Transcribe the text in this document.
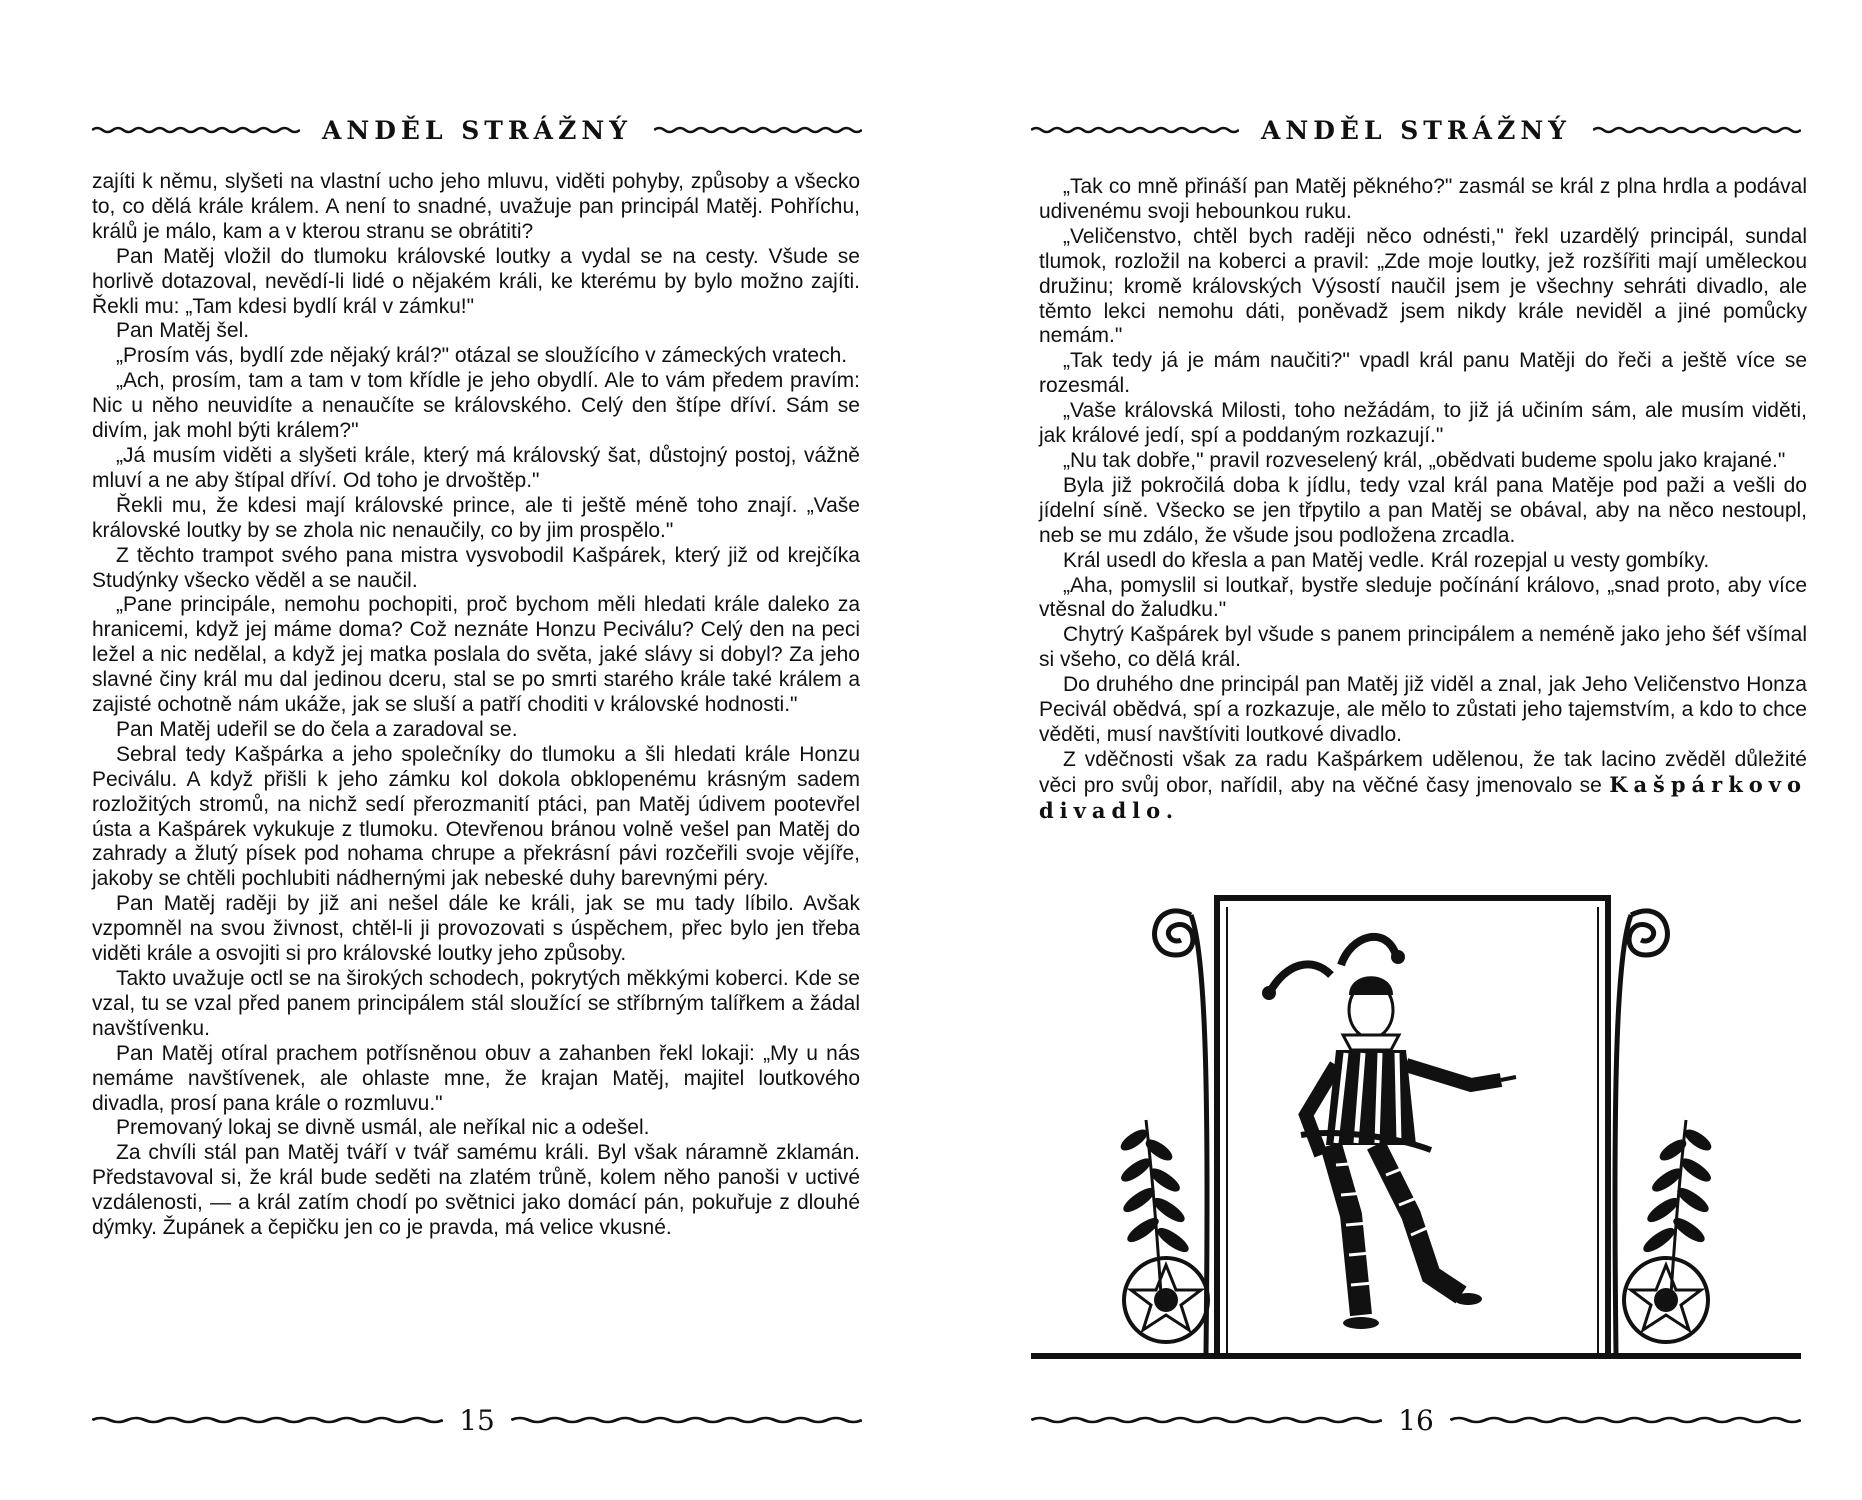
ANDĚL STRÁŽNÝ

zajíti k němu, slyšeti na vlastní ucho jeho mluvu, viděti pohyby, způsoby a všecko to, co dělá krále králem. A není to snadné, uvažuje pan principál Matěj. Pohříchu, králů je málo, kam a v kterou stranu se obrátiti?

Pan Matěj vložil do tlumoku královské loutky a vydal se na cesty. Všude se horlivě dotazoval, nevědí-li lidé o nějakém králi, ke kterému by bylo možno zajíti. Řekli mu: „Tam kdesi bydlí král v zámku!"

Pan Matěj šel.

„Prosím vás, bydlí zde nějaký král?" otázal se sloužícího v zámeckých vratech.

„Ach, prosím, tam a tam v tom křídle je jeho obydlí. Ale to vám předem pravím: Nic u něho neuvidíte a nenaučíte se královského. Celý den štípe dříví. Sám se divím, jak mohl býti králem?"

„Já musím viděti a slyšeti krále, který má královský šat, důstojný postoj, vážně mluví a ne aby štípal dříví. Od toho je drvoštěp."

Řekli mu, že kdesi mají královské prince, ale ti ještě méně toho znají. „Vaše královské loutky by se zhola nic nenaučily, co by jim prospělo."

Z těchto trampot svého pana mistra vysvobodil Kašpárek, který již od krejčíka Studýnky všecko věděl a se naučil.

„Pane principále, nemohu pochopiti, proč bychom měli hledati krále daleko za hranicemi, když jej máme doma? Což neznáte Honzu Peciválu? Celý den na peci ležel a nic nedělal, a když jej matka poslala do světa, jaké slávy si dobyl? Za jeho slavné činy král mu dal jedinou dceru, stal se po smrti starého krále také králem a zajisté ochotně nám ukáže, jak se sluší a patří choditi v královské hodnosti."

Pan Matěj udeřil se do čela a zaradoval se.

Sebral tedy Kašpárka a jeho společníky do tlumoku a šli hledati krále Honzu Peciválu. A když přišli k jeho zámku kol dokola obklopenému krásným sadem rozložitých stromů, na nichž sedí přerozmanití ptáci, pan Matěj údivem pootevřel ústa a Kašpárek vykukuje z tlumoku. Otevřenou bránou volně vešel pan Matěj do zahrady a žlutý písek pod nohama chrupe a překrásní pávi rozčeřili svoje vějíře, jakoby se chtěli pochlubiti nádhernými jak nebeské duhy barevnými péry.

Pan Matěj raději by již ani nešel dále ke králi, jak se mu tady líbilo. Avšak vzpomněl na svou živnost, chtěl-li ji provozovati s úspěchem, přec bylo jen třeba viděti krále a osvojiti si pro královské loutky jeho způsoby.

Takto uvažuje octl se na širokých schodech, pokrytých měkkými koberci. Kde se vzal, tu se vzal před panem principálem stál sloužící se stříbrným talířkem a žádal navštívenku.

Pan Matěj otíral prachem potřísněnou obuv a zahanben řekl lokaji: „My u nás nemáme navštívenek, ale ohlaste mne, že krajan Matěj, majitel loutkového divadla, prosí pana krále o rozmluvu."

Premovaný lokaj se divně usmál, ale neříkal nic a odešel.

Za chvíli stál pan Matěj tváří v tvář samému králi. Byl však náramně zklamán. Představoval si, že král bude seděti na zlatém trůně, kolem něho panoši v uctivé vzdálenosti, — a král zatím chodí po světnici jako domácí pán, pokuřuje z dlouhé dýmky. Župánek a čepičku jen co je pravda, má velice vkusné.

15
ANDĚL STRÁŽNÝ

„Tak co mně přináší pan Matěj pěkného?" zasmál se král z plna hrdla a podával udivenému svoji hebounkou ruku.

„Veličenstvo, chtěl bych raději něco odnésti," řekl uzardělý principál, sundal tlumok, rozložil na koberci a pravil: „Zde moje loutky, jež rozšířiti mají uměleckou družinu; kromě královských Výsostí naučil jsem je všechny sehráti divadlo, ale těmto lekci nemohu dáti, poněvadž jsem nikdy krále neviděl a jiné pomůcky nemám."

„Tak tedy já je mám naučiti?" vpadl král panu Matěji do řeči a ještě více se rozesmál.

„Vaše královská Milosti, toho nežádám, to již já učiním sám, ale musím viděti, jak králové jedí, spí a poddaným rozkazují."

„Nu tak dobře," pravil rozveselený král, „obědvati budeme spolu jako krajané."

Byla již pokročilá doba k jídlu, tedy vzal král pana Matěje pod paži a vešli do jídelní síně. Všecko se jen třpytilo a pan Matěj se obával, aby na něco nestoupl, neb se mu zdálo, že všude jsou podložena zrcadla.

Král usedl do křesla a pan Matěj vedle. Král rozepjal u vesty gombíky.

„Aha, pomyslil si loutkař, bystře sleduje počínání královo, „snad proto, aby více vtěsnal do žaludku."

Chytrý Kašpárek byl všude s panem principálem a neméně jako jeho šéf všímal si všeho, co dělá král.

Do druhého dne principál pan Matěj již viděl a znal, jak Jeho Veličenstvo Honza Pecivál obědvá, spí a rozkazuje, ale mělo to zůstati jeho tajemstvím, a kdo to chce věděti, musí navštíviti loutkové divadlo.

Z vděčnosti však za radu Kašpárkem udělenou, že tak lacino zvěděl důležité věci pro svůj obor, nařídil, aby na věčné časy jmenovalo se Kašpárkovo divadlo.

16
